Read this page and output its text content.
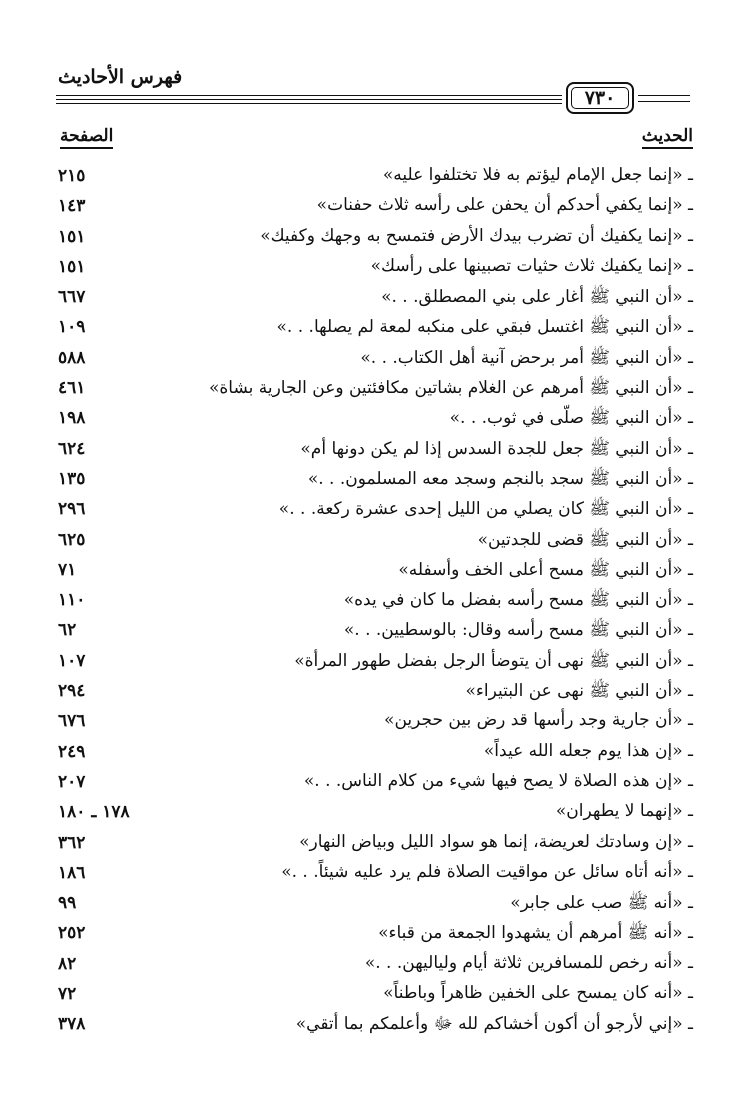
فهرس الأحاديث
٧٣٠
الحديث
الصفحة
ـ «إنما جعل الإمام ليؤتم به فلا تختلفوا عليه»
٢١٥
ـ «إنما يكفي أحدكم أن يحفن على رأسه ثلاث حفنات»
١٤٣
ـ «إنما يكفيك أن تضرب بيدك الأرض فتمسح به وجهك وكفيك»
١٥١
ـ «إنما يكفيك ثلاث حثيات تصبينها على رأسك»
١٥١
ـ «أن النبي ﷺ أغار على بني المصطلق. . .»
٦٦٧
ـ «أن النبي ﷺ اغتسل فبقي على منكبه لمعة لم يصلها. . .»
١٠٩
ـ «أن النبي ﷺ أمر برحض آنية أهل الكتاب. . .»
٥٨٨
ـ «أن النبي ﷺ أمرهم عن الغلام بشاتين مكافئتين وعن الجارية بشاة»
٤٦١
ـ «أن النبي ﷺ صلّى في ثوب. . .»
١٩٨
ـ «أن النبي ﷺ جعل للجدة السدس إذا لم يكن دونها أم»
٦٢٤
ـ «أن النبي ﷺ سجد بالنجم وسجد معه المسلمون. . .»
١٣٥
ـ «أن النبي ﷺ كان يصلي من الليل إحدى عشرة ركعة. . .»
٢٩٦
ـ «أن النبي ﷺ قضى للجدتين»
٦٢٥
ـ «أن النبي ﷺ مسح أعلى الخف وأسفله»
٧١
ـ «أن النبي ﷺ مسح رأسه بفضل ما كان في يده»
١١٠
ـ «أن النبي ﷺ مسح رأسه وقال: بالوسطيين. . .»
٦٢
ـ «أن النبي ﷺ نهى أن يتوضأ الرجل بفضل طهور المرأة»
١٠٧
ـ «أن النبي ﷺ نهى عن البتيراء»
٢٩٤
ـ «أن جارية وجد رأسها قد رض بين حجرين»
٦٧٦
ـ «إن هذا يوم جعله الله عيداً»
٢٤٩
ـ «إن هذه الصلاة لا يصح فيها شيء من كلام الناس. . .»
٢٠٧
ـ «إنهما لا يطهران»
١٧٨ ـ ١٨٠
ـ «إن وسادتك لعريضة، إنما هو سواد الليل وبياض النهار»
٣٦٢
ـ «أنه أتاه سائل عن مواقيت الصلاة فلم يرد عليه شيئاً. . .»
١٨٦
ـ «أنه ﷺ صب على جابر»
٩٩
ـ «أنه ﷺ أمرهم أن يشهدوا الجمعة من قباء»
٢٥٢
ـ «أنه رخص للمسافرين ثلاثة أيام ولياليهن. . .»
٨٢
ـ «أنه كان يمسح على الخفين ظاهراً وباطناً»
٧٢
ـ «إني لأرجو أن أكون أخشاكم لله ﷻ وأعلمكم بما أتقي»
٣٧٨
